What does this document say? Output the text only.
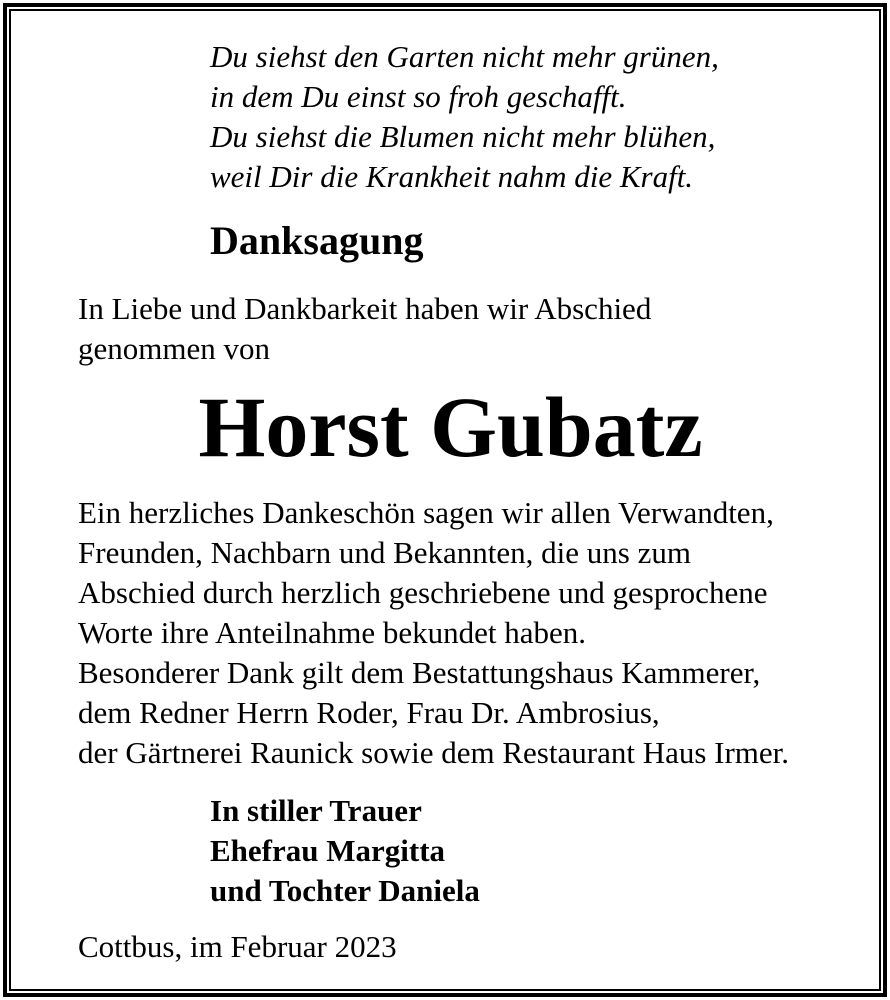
Du siehst den Garten nicht mehr grünen,
in dem Du einst so froh geschafft.
Du siehst die Blumen nicht mehr blühen,
weil Dir die Krankheit nahm die Kraft.
Danksagung
In Liebe und Dankbarkeit haben wir Abschied
genommen von
Horst Gubatz
Ein herzliches Dankeschön sagen wir allen Verwandten,
Freunden, Nachbarn und Bekannten, die uns zum
Abschied durch herzlich geschriebene und gesprochene
Worte ihre Anteilnahme bekundet haben.
Besonderer Dank gilt dem Bestattungshaus Kammerer,
dem Redner Herrn Roder, Frau Dr. Ambrosius,
der Gärtnerei Raunick sowie dem Restaurant Haus Irmer.
In stiller Trauer
Ehefrau Margitta
und Tochter Daniela
Cottbus, im Februar 2023
